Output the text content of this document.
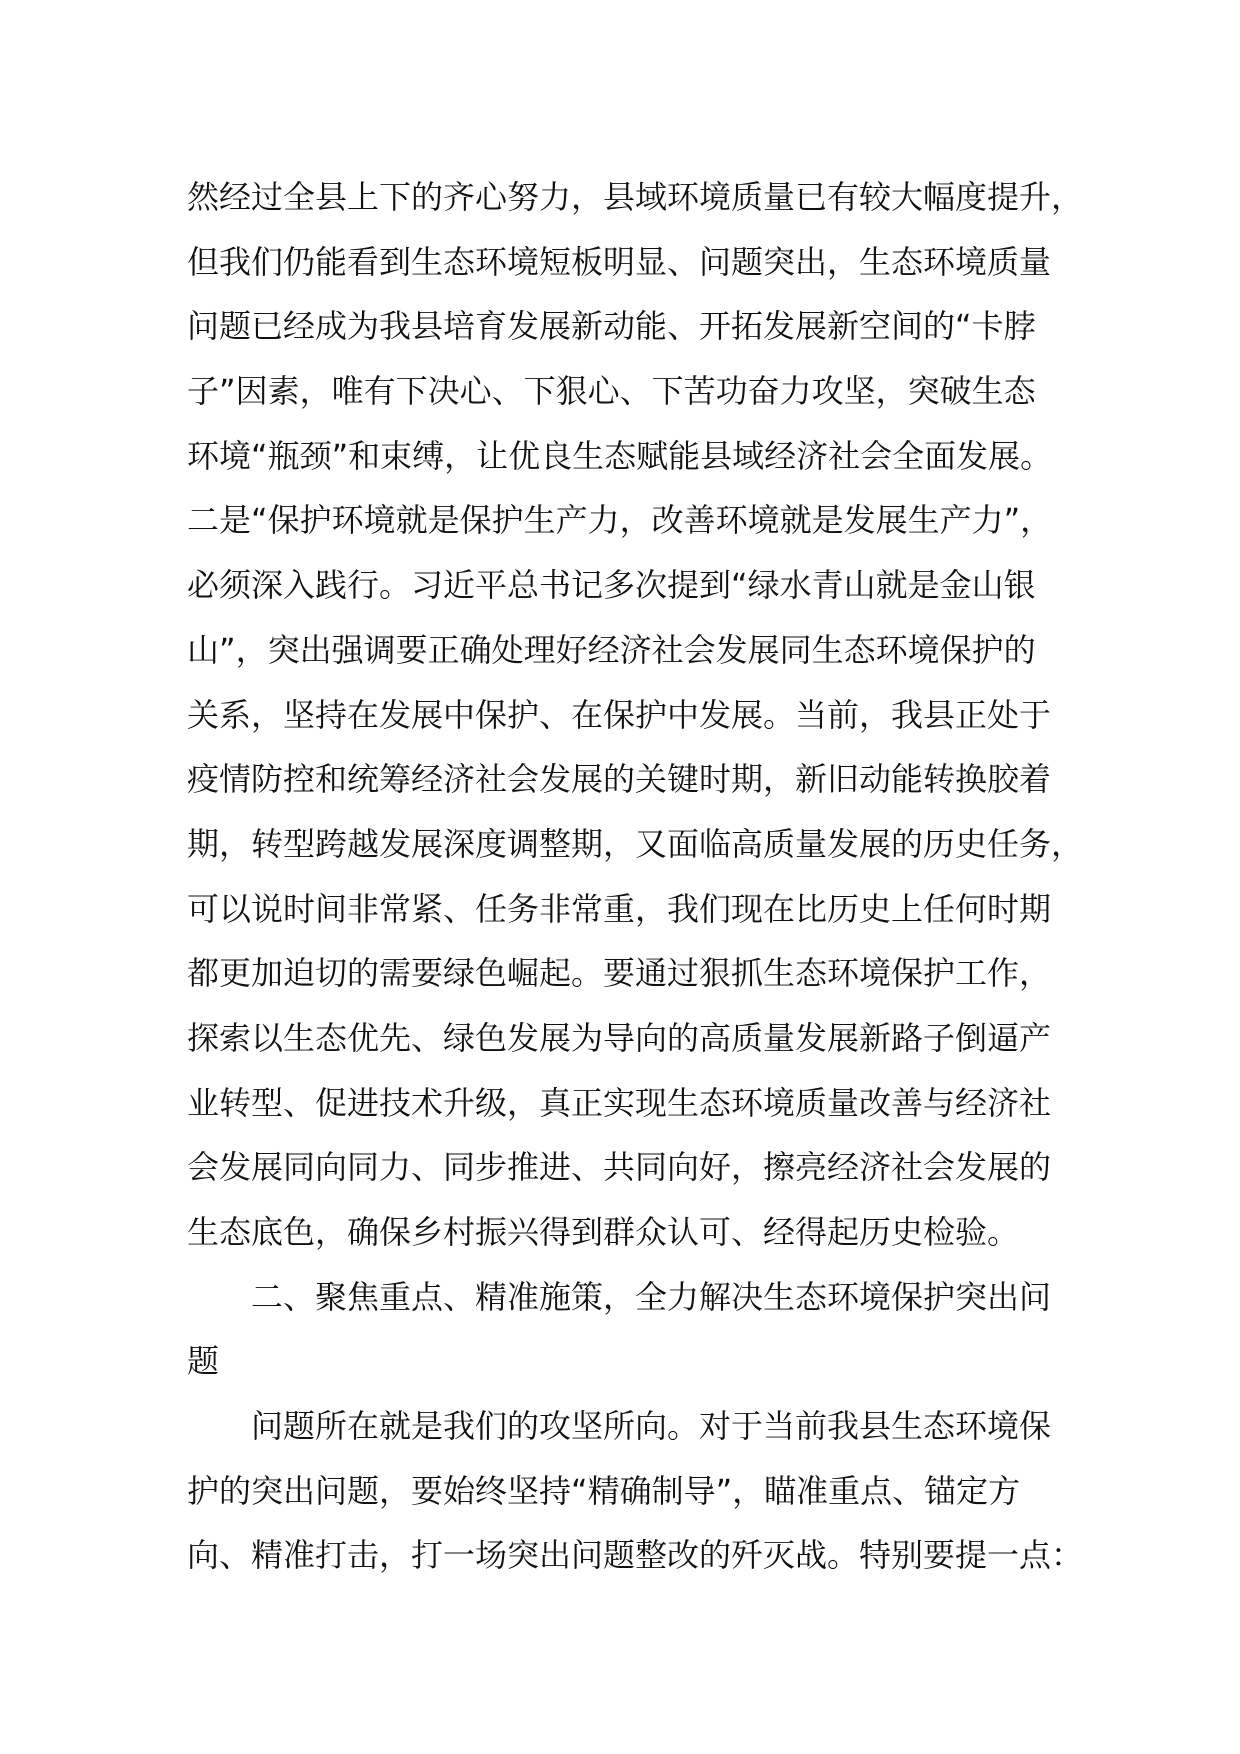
然经过全县上下的齐心努力，县域环境质量已有较大幅度提升，
但我们仍能看到生态环境短板明显、问题突出，生态环境质量
问题已经成为我县培育发展新动能、开拓发展新空间的“卡脖
子”因素，唯有下决心、下狠心、下苦功奋力攻坚，突破生态
环境“瓶颈”和束缚，让优良生态赋能县域经济社会全面发展。
二是“保护环境就是保护生产力，改善环境就是发展生产力”，
必须深入践行。习近平总书记多次提到“绿水青山就是金山银
山”，突出强调要正确处理好经济社会发展同生态环境保护的
关系，坚持在发展中保护、在保护中发展。当前，我县正处于
疫情防控和统筹经济社会发展的关键时期，新旧动能转换胶着
期，转型跨越发展深度调整期，又面临高质量发展的历史任务，
可以说时间非常紧、任务非常重，我们现在比历史上任何时期
都更加迫切的需要绿色崛起。要通过狠抓生态环境保护工作，
探索以生态优先、绿色发展为导向的高质量发展新路子倒逼产
业转型、促进技术升级，真正实现生态环境质量改善与经济社
会发展同向同力、同步推进、共同向好，擦亮经济社会发展的
生态底色，确保乡村振兴得到群众认可、经得起历史检验。
二、聚焦重点、精准施策，全力解决生态环境保护突出问
题
问题所在就是我们的攻坚所向。对于当前我县生态环境保
护的突出问题，要始终坚持“精确制导”，瞄准重点、锚定方
向、精准打击，打一场突出问题整改的歼灭战。特别要提一点：
